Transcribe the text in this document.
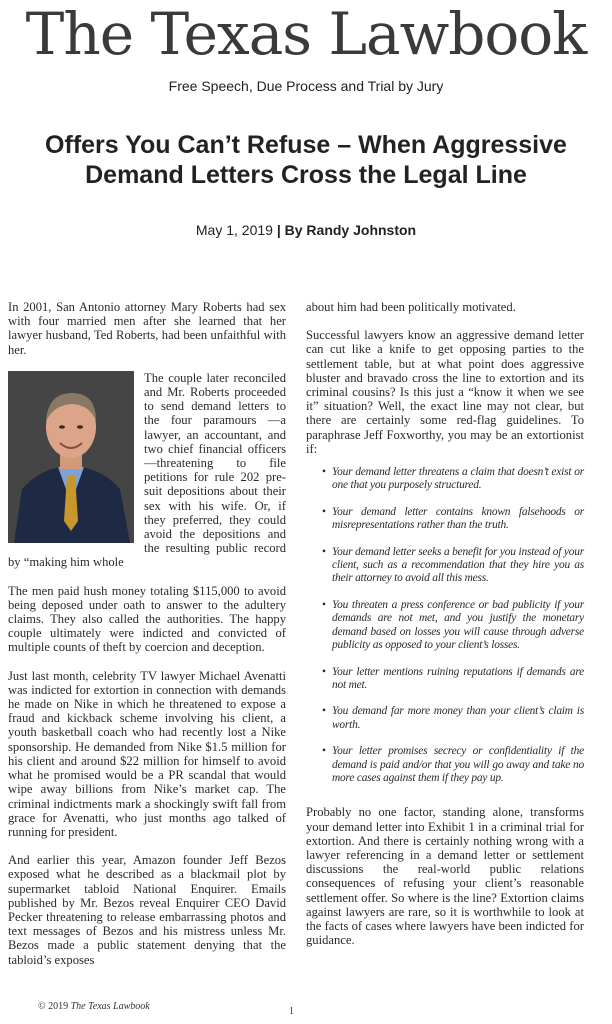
The Texas Lawbook
Free Speech, Due Process and Trial by Jury
Offers You Can’t Refuse – When Aggressive Demand Letters Cross the Legal Line
May 1, 2019 | By Randy Johnston

In 2001, San Antonio attorney Mary Roberts had sex with four married men after she learned that her lawyer husband, Ted Roberts, had been unfaithful with her.

The couple later reconciled and Mr. Roberts proceeded to send demand letters to the four paramours —a lawyer, an accountant, and two chief financial officers—threatening to file petitions for rule 202 pre-suit depositions about their sex with his wife. Or, if they preferred, they could avoid the depositions and the resulting public record by “making him whole

The men paid hush money totaling $115,000 to avoid being deposed under oath to answer to the adultery claims. They also called the authorities. The happy couple ultimately were indicted and convicted of multiple counts of theft by coercion and deception.

Just last month, celebrity TV lawyer Michael Avenatti was indicted for extortion in connection with demands he made on Nike in which he threatened to expose a fraud and kickback scheme involving his client, a youth basketball coach who had recently lost a Nike sponsorship. He demanded from Nike $1.5 million for his client and around $22 million for himself to avoid what he promised would be a PR scandal that would wipe away billions from Nike’s market cap. The criminal indictments mark a shockingly swift fall from grace for Avenatti, who just months ago talked of running for president.

And earlier this year, Amazon founder Jeff Bezos exposed what he described as a blackmail plot by supermarket tabloid National Enquirer. Emails published by Mr. Bezos reveal Enquirer CEO David Pecker threatening to release embarrassing photos and text messages of Bezos and his mistress unless Mr. Bezos made a public statement denying that the tabloid’s exposes

about him had been politically motivated.

Successful lawyers know an aggressive demand letter can cut like a knife to get opposing parties to the settlement table, but at what point does aggressive bluster and bravado cross the line to extortion and its criminal cousins? Is this just a “know it when we see it” situation? Well, the exact line may not clear, but there are certainly some red-flag guidelines. To paraphrase Jeff Foxworthy, you may be an extortionist if:

• Your demand letter threatens a claim that doesn’t exist or one that you purposely structured.
• Your demand letter contains known falsehoods or misrepresentations rather than the truth.
• Your demand letter seeks a benefit for you instead of your client, such as a recommendation that they hire you as their attorney to avoid all this mess.
• You threaten a press conference or bad publicity if your demands are not met, and you justify the monetary demand based on losses you will cause through adverse publicity as opposed to your client’s losses.
• Your letter mentions ruining reputations if demands are not met.
• You demand far more money than your client’s claim is worth.
• Your letter promises secrecy or confidentiality if the demand is paid and/or that you will go away and take no more cases against them if they pay up.

Probably no one factor, standing alone, transforms your demand letter into Exhibit 1 in a criminal trial for extortion. And there is certainly nothing wrong with a lawyer referencing in a demand letter or settlement discussions the real-world public relations consequences of refusing your client’s reasonable settlement offer. So where is the line? Extortion claims against lawyers are rare, so it is worthwhile to look at the facts of cases where lawyers have been indicted for guidance.

© 2019 The Texas Lawbook	1
